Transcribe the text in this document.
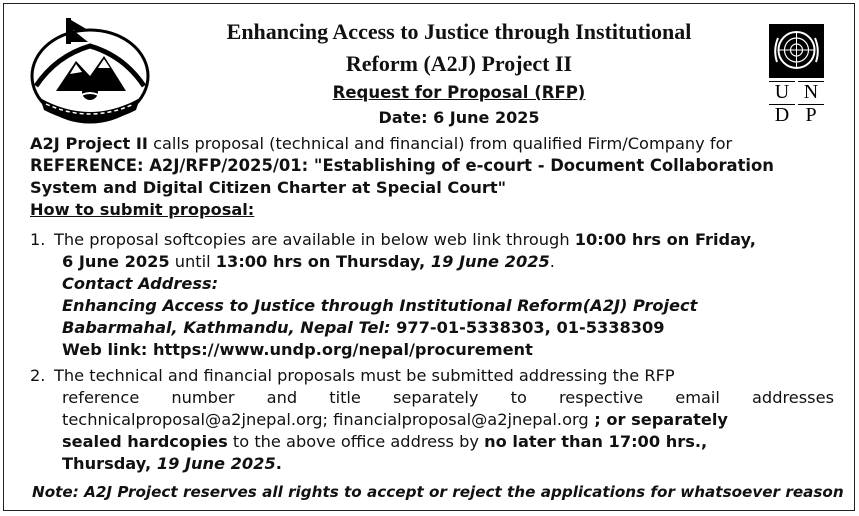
Enhancing Access to Justice through Institutional
Reform (A2J) Project II
Request for Proposal (RFP)
Date: 6 June 2025
U N
D P
A2J Project II calls proposal (technical and financial) from qualified Firm/Company for
REFERENCE: A2J/RFP/2025/01: "Establishing of e-court - Document Collaboration
System and Digital Citizen Charter at Special Court"
How to submit proposal:
1. The proposal softcopies are available in below web link through 10:00 hrs on Friday,
6 June 2025 until 13:00 hrs on Thursday, 19 June 2025.
Contact Address:
Enhancing Access to Justice through Institutional Reform(A2J) Project
Babarmahal, Kathmandu, Nepal Tel: 977-01-5338303, 01-5338309
Web link: https://www.undp.org/nepal/procurement
2. The technical and financial proposals must be submitted addressing the RFP
reference number and title separately to respective email addresses
technicalproposal@a2jnepal.org; financialproposal@a2jnepal.org ; or separately
sealed hardcopies to the above office address by no later than 17:00 hrs.,
Thursday, 19 June 2025.
Note: A2J Project reserves all rights to accept or reject the applications for whatsoever reason
